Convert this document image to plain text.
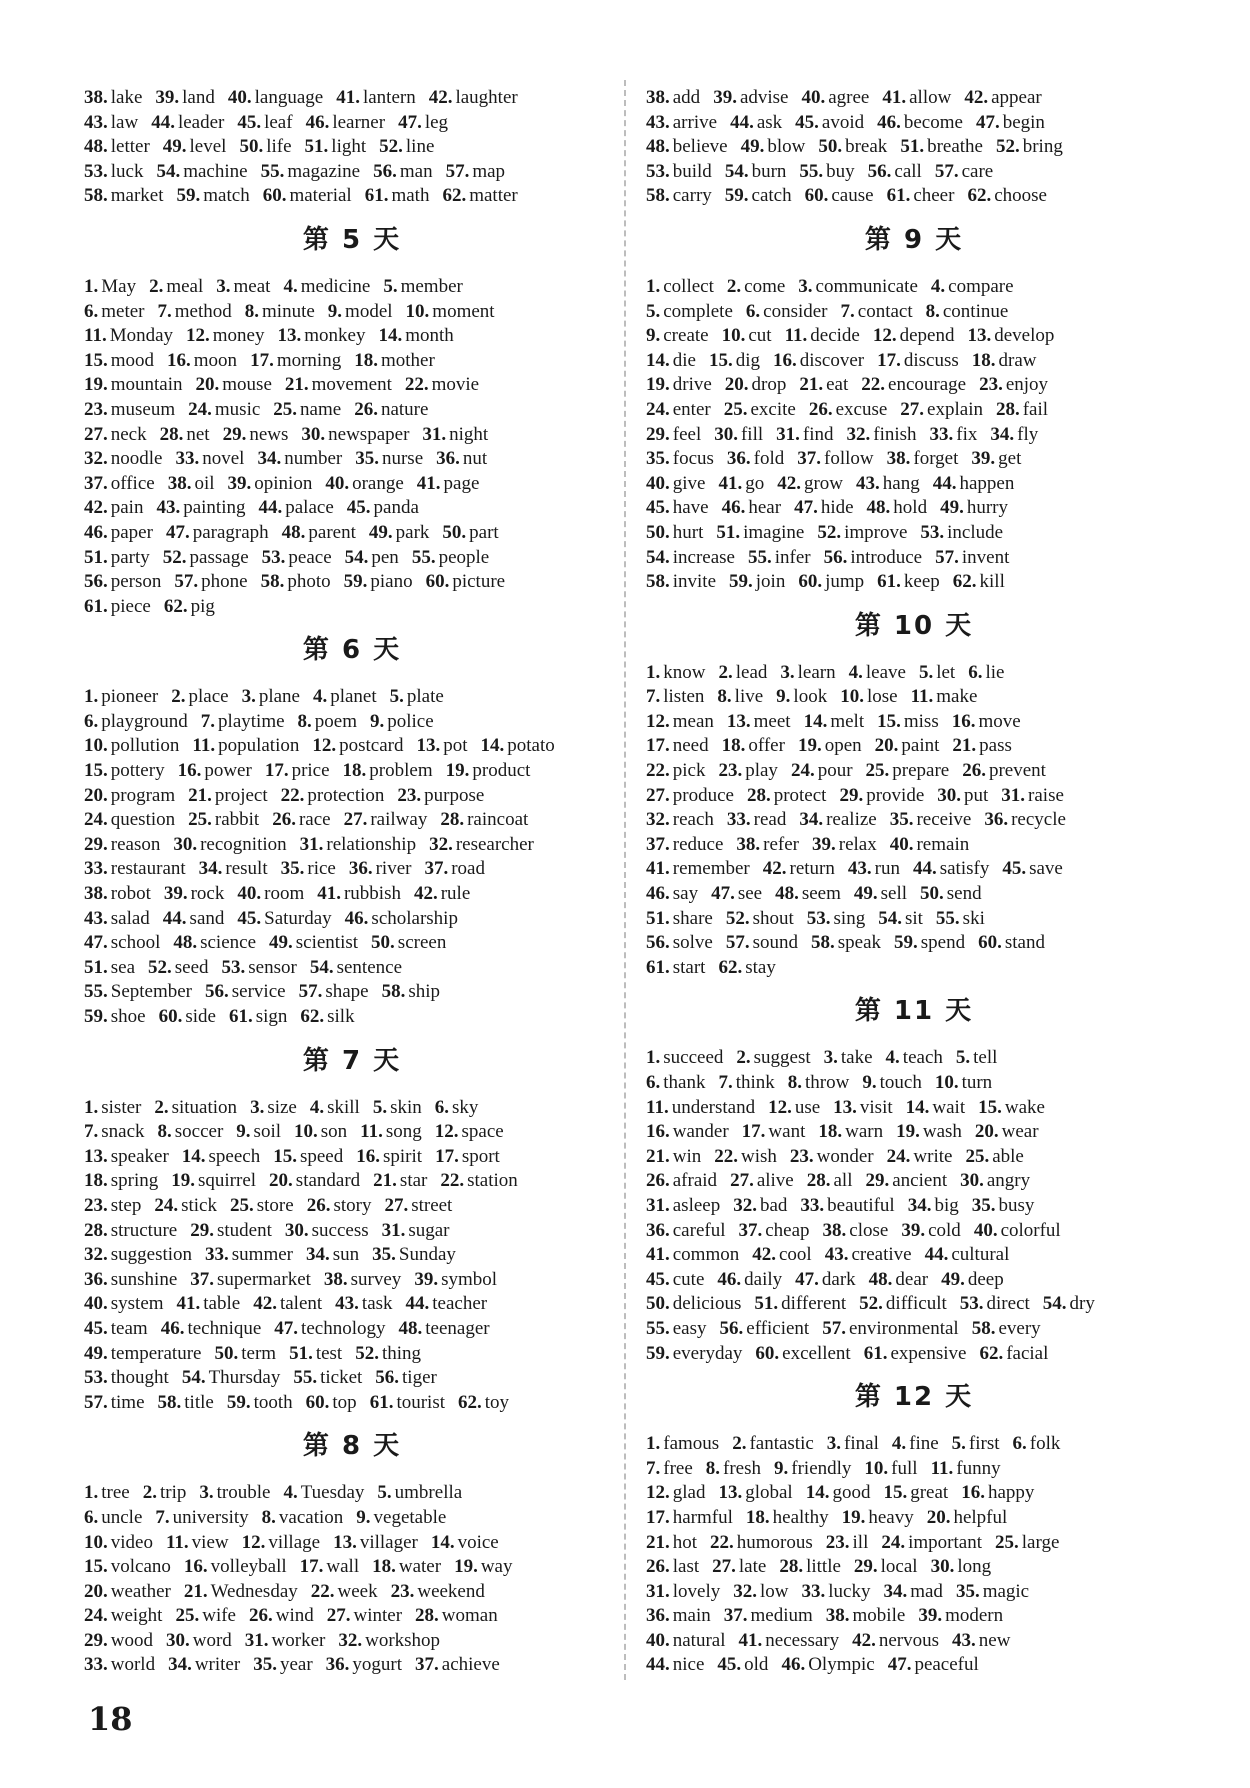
38. lake 39. land 40. language 41. lantern 42. laughter
43. law 44. leader 45. leaf 46. learner 47. leg
48. letter 49. level 50. life 51. light 52. line
53. luck 54. machine 55. magazine 56. man 57. map
58. market 59. match 60. material 61. math 62. matter
第 5 天
1. May 2. meal 3. meat 4. medicine 5. member
6. meter 7. method 8. minute 9. model 10. moment
11. Monday 12. money 13. monkey 14. month
15. mood 16. moon 17. morning 18. mother
19. mountain 20. mouse 21. movement 22. movie
23. museum 24. music 25. name 26. nature
27. neck 28. net 29. news 30. newspaper 31. night
32. noodle 33. novel 34. number 35. nurse 36. nut
37. office 38. oil 39. opinion 40. orange 41. page
42. pain 43. painting 44. palace 45. panda
46. paper 47. paragraph 48. parent 49. park 50. part
51. party 52. passage 53. peace 54. pen 55. people
56. person 57. phone 58. photo 59. piano 60. picture
61. piece 62. pig
第 6 天
1. pioneer 2. place 3. plane 4. planet 5. plate
6. playground 7. playtime 8. poem 9. police
10. pollution 11. population 12. postcard 13. pot 14. potato
15. pottery 16. power 17. price 18. problem 19. product
20. program 21. project 22. protection 23. purpose
24. question 25. rabbit 26. race 27. railway 28. raincoat
29. reason 30. recognition 31. relationship 32. researcher
33. restaurant 34. result 35. rice 36. river 37. road
38. robot 39. rock 40. room 41. rubbish 42. rule
43. salad 44. sand 45. Saturday 46. scholarship
47. school 48. science 49. scientist 50. screen
51. sea 52. seed 53. sensor 54. sentence
55. September 56. service 57. shape 58. ship
59. shoe 60. side 61. sign 62. silk
第 7 天
1. sister 2. situation 3. size 4. skill 5. skin 6. sky
7. snack 8. soccer 9. soil 10. son 11. song 12. space
13. speaker 14. speech 15. speed 16. spirit 17. sport
18. spring 19. squirrel 20. standard 21. star 22. station
23. step 24. stick 25. store 26. story 27. street
28. structure 29. student 30. success 31. sugar
32. suggestion 33. summer 34. sun 35. Sunday
36. sunshine 37. supermarket 38. survey 39. symbol
40. system 41. table 42. talent 43. task 44. teacher
45. team 46. technique 47. technology 48. teenager
49. temperature 50. term 51. test 52. thing
53. thought 54. Thursday 55. ticket 56. tiger
57. time 58. title 59. tooth 60. top 61. tourist 62. toy
第 8 天
1. tree 2. trip 3. trouble 4. Tuesday 5. umbrella
6. uncle 7. university 8. vacation 9. vegetable
10. video 11. view 12. village 13. villager 14. voice
15. volcano 16. volleyball 17. wall 18. water 19. way
20. weather 21. Wednesday 22. week 23. weekend
24. weight 25. wife 26. wind 27. winter 28. woman
29. wood 30. word 31. worker 32. workshop
33. world 34. writer 35. year 36. yogurt 37. achieve
38. add 39. advise 40. agree 41. allow 42. appear
43. arrive 44. ask 45. avoid 46. become 47. begin
48. believe 49. blow 50. break 51. breathe 52. bring
53. build 54. burn 55. buy 56. call 57. care
58. carry 59. catch 60. cause 61. cheer 62. choose
第 9 天
1. collect 2. come 3. communicate 4. compare
5. complete 6. consider 7. contact 8. continue
9. create 10. cut 11. decide 12. depend 13. develop
14. die 15. dig 16. discover 17. discuss 18. draw
19. drive 20. drop 21. eat 22. encourage 23. enjoy
24. enter 25. excite 26. excuse 27. explain 28. fail
29. feel 30. fill 31. find 32. finish 33. fix 34. fly
35. focus 36. fold 37. follow 38. forget 39. get
40. give 41. go 42. grow 43. hang 44. happen
45. have 46. hear 47. hide 48. hold 49. hurry
50. hurt 51. imagine 52. improve 53. include
54. increase 55. infer 56. introduce 57. invent
58. invite 59. join 60. jump 61. keep 62. kill
第 10 天
1. know 2. lead 3. learn 4. leave 5. let 6. lie
7. listen 8. live 9. look 10. lose 11. make
12. mean 13. meet 14. melt 15. miss 16. move
17. need 18. offer 19. open 20. paint 21. pass
22. pick 23. play 24. pour 25. prepare 26. prevent
27. produce 28. protect 29. provide 30. put 31. raise
32. reach 33. read 34. realize 35. receive 36. recycle
37. reduce 38. refer 39. relax 40. remain
41. remember 42. return 43. run 44. satisfy 45. save
46. say 47. see 48. seem 49. sell 50. send
51. share 52. shout 53. sing 54. sit 55. ski
56. solve 57. sound 58. speak 59. spend 60. stand
61. start 62. stay
第 11 天
1. succeed 2. suggest 3. take 4. teach 5. tell
6. thank 7. think 8. throw 9. touch 10. turn
11. understand 12. use 13. visit 14. wait 15. wake
16. wander 17. want 18. warn 19. wash 20. wear
21. win 22. wish 23. wonder 24. write 25. able
26. afraid 27. alive 28. all 29. ancient 30. angry
31. asleep 32. bad 33. beautiful 34. big 35. busy
36. careful 37. cheap 38. close 39. cold 40. colorful
41. common 42. cool 43. creative 44. cultural
45. cute 46. daily 47. dark 48. dear 49. deep
50. delicious 51. different 52. difficult 53. direct 54. dry
55. easy 56. efficient 57. environmental 58. every
59. everyday 60. excellent 61. expensive 62. facial
第 12 天
1. famous 2. fantastic 3. final 4. fine 5. first 6. folk
7. free 8. fresh 9. friendly 10. full 11. funny
12. glad 13. global 14. good 15. great 16. happy
17. harmful 18. healthy 19. heavy 20. helpful
21. hot 22. humorous 23. ill 24. important 25. large
26. last 27. late 28. little 29. local 30. long
31. lovely 32. low 33. lucky 34. mad 35. magic
36. main 37. medium 38. mobile 39. modern
40. natural 41. necessary 42. nervous 43. new
44. nice 45. old 46. Olympic 47. peaceful
18
